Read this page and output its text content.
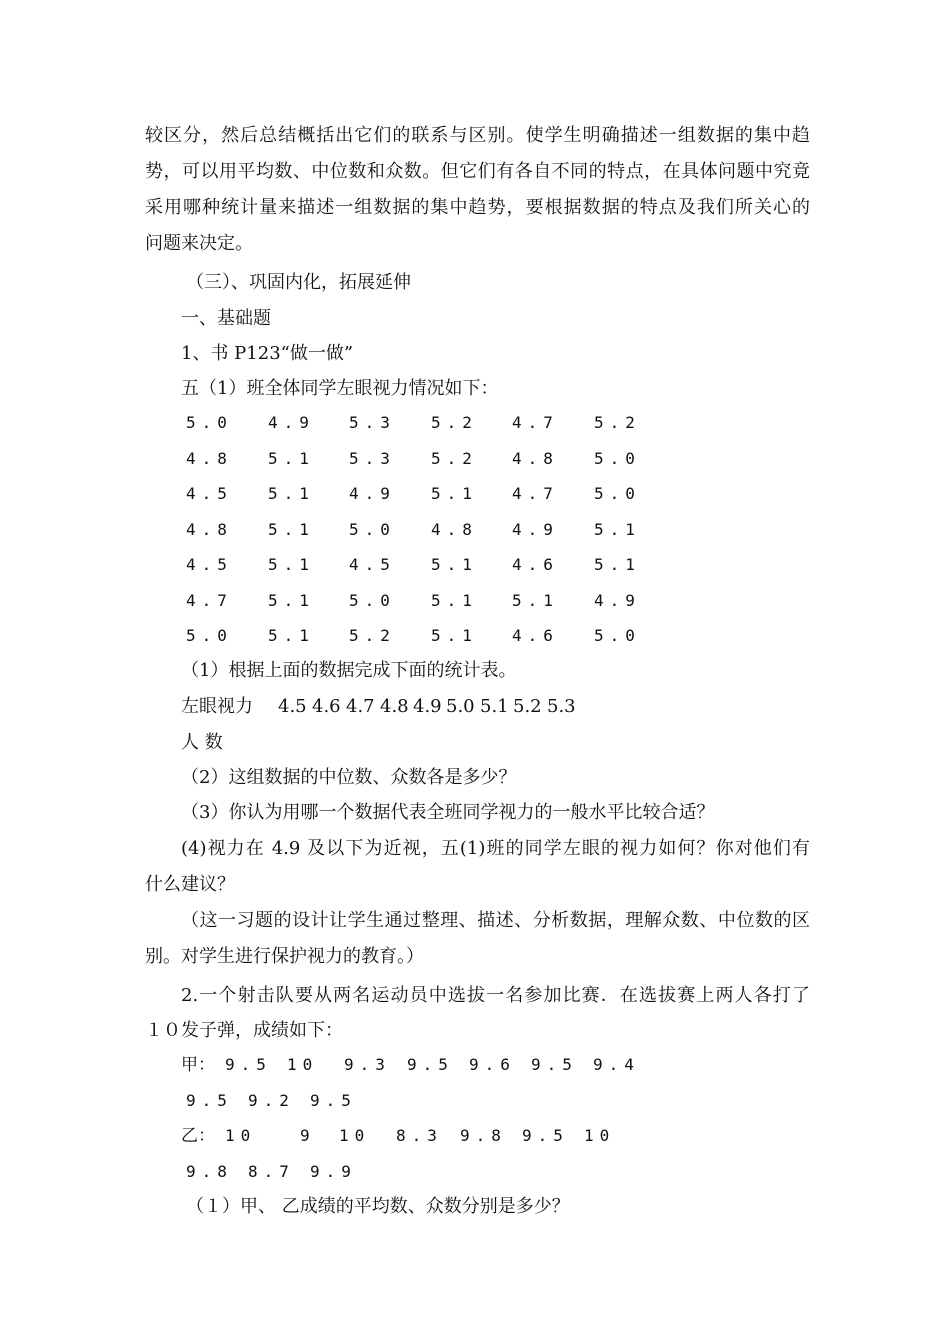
较区分，然后总结概括出它们的联系与区别。使学生明确描述一组数据的集中趋
势，可以用平均数、中位数和众数。但它们有各自不同的特点，在具体问题中究竟
采用哪种统计量来描述一组数据的集中趋势，要根据数据的特点及我们所关心的
问题来决定。
（三）、巩固内化，拓展延伸
一、基础题
1、书 P123“做一做”
五（1）班全体同学左眼视力情况如下：
5.0 4.9 5.3 5.2 4.7 5.2
4.8 5.1 5.3 5.2 4.8 5.0
4.5 5.1 4.9 5.1 4.7 5.0
4.8 5.1 5.0 4.8 4.9 5.1
4.5 5.1 4.5 5.1 4.6 5.1
4.7 5.1 5.0 5.1 5.1 4.9
5.0 5.1 5.2 5.1 4.6 5.0
（1）根据上面的数据完成下面的统计表。
左眼视力 4.5 4.6 4.7 4.8 4.9 5.0 5.1 5.2 5.3
人 数
（2）这组数据的中位数、众数各是多少？
（3）你认为用哪一个数据代表全班同学视力的一般水平比较合适？
(4)视力在 4.9 及以下为近视，五(1)班的同学左眼的视力如何？你对他们有
什么建议？
（这一习题的设计让学生通过整理、描述、分析数据，理解众数、中位数的区
别。对学生进行保护视力的教育。）
2.一个射击队要从两名运动员中选拔一名参加比赛．在选拔赛上两人各打了
１０发子弹，成绩如下：
甲： 9.5 10 9.3 9.5 9.6 9.5 9.4
9.5 9.2 9.5
乙： 10	9 10 8.3 9.8 9.5 10
9.8 8.7 9.9
（１）甲、 乙成绩的平均数、众数分别是多少？
